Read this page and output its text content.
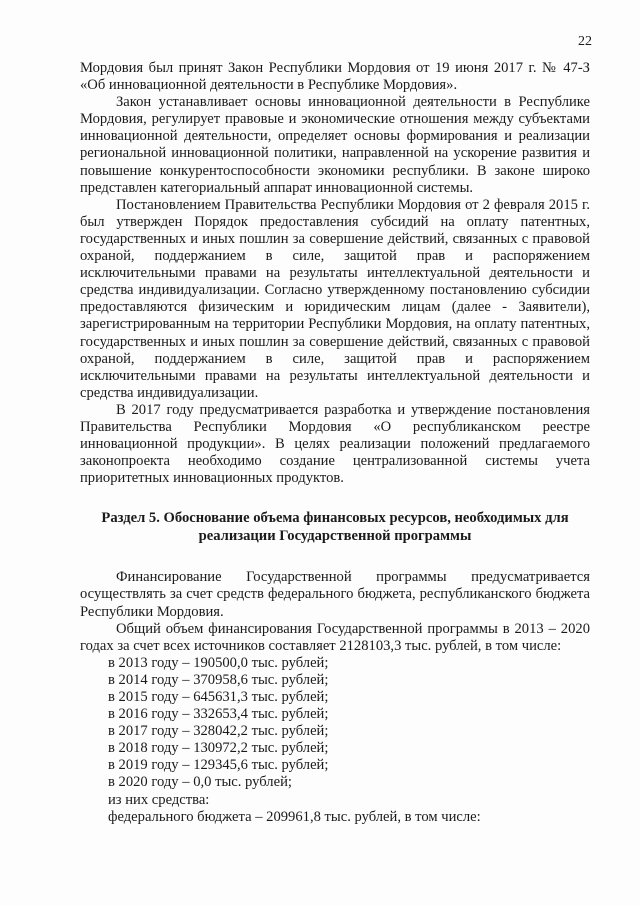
22

Мордовия был принят Закон Республики Мордовия от 19 июня 2017 г. № 47-З «Об инновационной деятельности в Республике Мордовия».

Закон устанавливает основы инновационной деятельности в Республике Мордовия, регулирует правовые и экономические отношения между субъектами инновационной деятельности, определяет основы формирования и реализации региональной инновационной политики, направленной на ускорение развития и повышение конкурентоспособности экономики республики. В законе широко представлен категориальный аппарат инновационной системы.

Постановлением Правительства Республики Мордовия от 2 февраля 2015 г. был утвержден Порядок предоставления субсидий на оплату патентных, государственных и иных пошлин за совершение действий, связанных с правовой охраной, поддержанием в силе, защитой прав и распоряжением исключительными правами на результаты интеллектуальной деятельности и средства индивидуализации. Согласно утвержденному постановлению субсидии предоставляются физическим и юридическим лицам (далее - Заявители), зарегистрированным на территории Республики Мордовия, на оплату патентных, государственных и иных пошлин за совершение действий, связанных с правовой охраной, поддержанием в силе, защитой прав и распоряжением исключительными правами на результаты интеллектуальной деятельности и средства индивидуализации.

В 2017 году предусматривается разработка и утверждение постановления Правительства Республики Мордовия «О республиканском реестре инновационной продукции». В целях реализации положений предлагаемого законопроекта необходимо создание централизованной системы учета приоритетных инновационных продуктов.

Раздел 5. Обоснование объема финансовых ресурсов, необходимых для
реализации Государственной программы

Финансирование Государственной программы предусматривается осуществлять за счет средств федерального бюджета, республиканского бюджета Республики Мордовия.

Общий объем финансирования Государственной программы в 2013 – 2020 годах за счет всех источников составляет 2128103,3 тыс. рублей, в том числе:

в 2013 году – 190500,0 тыс. рублей;

в 2014 году – 370958,6 тыс. рублей;

в 2015 году – 645631,3 тыс. рублей;

в 2016 году – 332653,4 тыс. рублей;

в 2017 году – 328042,2 тыс. рублей;

в 2018 году – 130972,2 тыс. рублей;

в 2019 году – 129345,6 тыс. рублей;

в 2020 году – 0,0 тыс. рублей;

из них средства:

федерального бюджета – 209961,8 тыс. рублей, в том числе:
